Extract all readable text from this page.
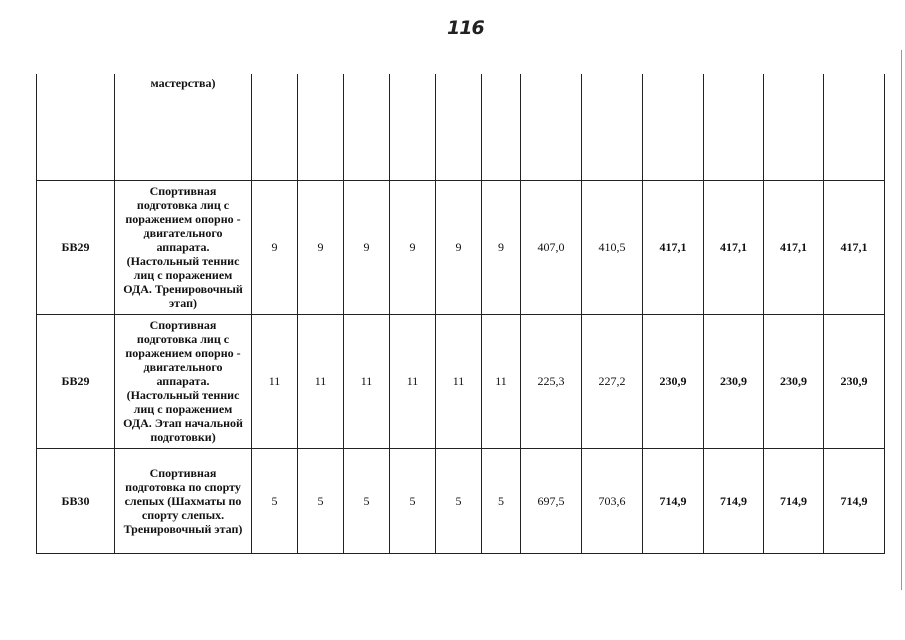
116
	мастерства)												
БВ29	Спортивная подготовка лиц с поражением опорно - двигательного аппарата. (Настольный теннис лиц с поражением ОДА. Тренировочный этап)	9	9	9	9	9	9	407,0	410,5	417,1	417,1	417,1	417,1
БВ29	Спортивная подготовка лиц с поражением опорно - двигательного аппарата. (Настольный теннис лиц с поражением ОДА. Этап начальной подготовки)	11	11	11	11	11	11	225,3	227,2	230,9	230,9	230,9	230,9
БВ30	Спортивная подготовка по спорту слепых (Шахматы по спорту слепых. Тренировочный этап)	5	5	5	5	5	5	697,5	703,6	714,9	714,9	714,9	714,9
